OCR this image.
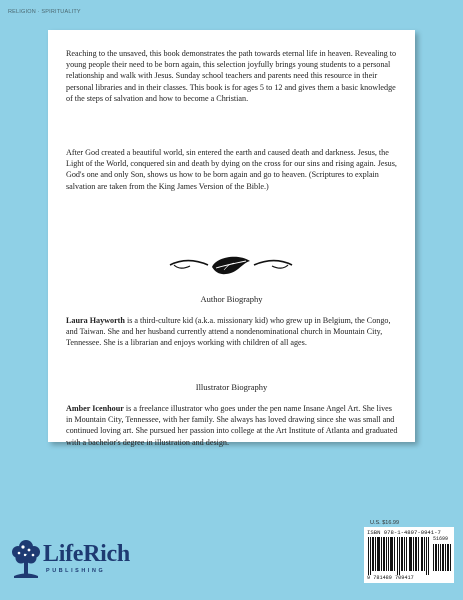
RELIGION · SPIRITUALITY

Reaching to the unsaved, this book demonstrates the path towards eternal life in heaven. Revealing to young people their need to be born again, this selection joyfully brings young students to a personal relationship and walk with Jesus. Sunday school teachers and parents need this resource in their personal libraries and in their classes. This book is for ages 5 to 12 and gives them a basic knowledge of the steps of salvation and how to become a Christian.

After God created a beautiful world, sin entered the earth and caused death and darkness. Jesus, the Light of the World, conquered sin and death by dying on the cross for our sins and rising again. Jesus, God's one and only Son, shows us how to be born again and go to heaven. (Scriptures to explain salvation are taken from the King James Version of the Bible.)

Author Biography

Laura Hayworth is a third-culture kid (a.k.a. missionary kid) who grew up in Belgium, the Congo, and Taiwan. She and her husband currently attend a nondenominational church in Mountain City, Tennessee. She is a librarian and enjoys working with children of all ages.

Illustrator Biography

Amber Icenhour is a freelance illustrator who goes under the pen name Insane Angel Art. She lives in Mountain City, Tennessee, with her family. She always has loved drawing since she was small and continued loving art. She pursued her passion into college at the Art Institute of Atlanta and graduated with a bachelor's degree in illustration and design.

U.S. $16.99
ISBN 978-1-4897-0941-7
51699
9 781489 709417
LifeRich
PUBLISHING
